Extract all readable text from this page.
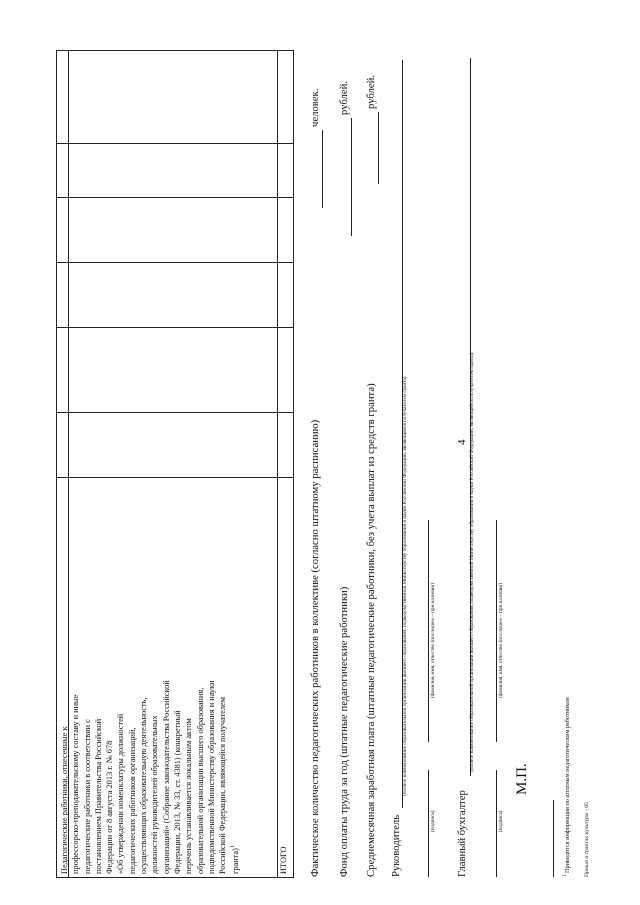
4
Педагогические работники, отнесенные к профессорско-преподавательскому составу и иные педагогические работники в соответствии с постановлением Правительства Российской Федерации от 8 августа 2013 г. № 678 «Об утверждении номенклатуры должностей педагогических работников организаций, осуществляющих образовательную деятельность, должностей руководителей образовательных организаций» (Собрание законодательства Российской Федерации, 2013, № 33, ст. 4381) (конкретный перечень устанавливается локальным актом образовательной организации высшего образования, подведомственной Министерству образования и науки Российской Федерации, являющейся получателем гранта)$^1$	ИТОГО Фактическое количество педагогических работников в коллективе (согласно штатному расписанию)
человек.
Фонд оплаты труда за год (штатные педагогические работники)
рублей.
Среднемесячная заработная плата (штатные педагогические работники, без учета выплат из средств гранта)
рублей.
Руководитель
(полное наименование образовательной организации высшего образования, подведомственной Министерству образования и науки Российской Федерации, являющейся получателем гранта)
(подпись)
(фамилия, имя, отчество (последнее – при наличии)
Главный бухгалтер
(полное наименование образовательной организации высшего образования, подведомственной Министерству образования и науки Российской Федерации, являющейся получателем гранта)
(подпись)
(фамилия, имя, отчество (последнее – при наличии)
М.П.
$^1$ Приводится информация по штатным педагогическим работникам Приказ о грантах культуры - 05
